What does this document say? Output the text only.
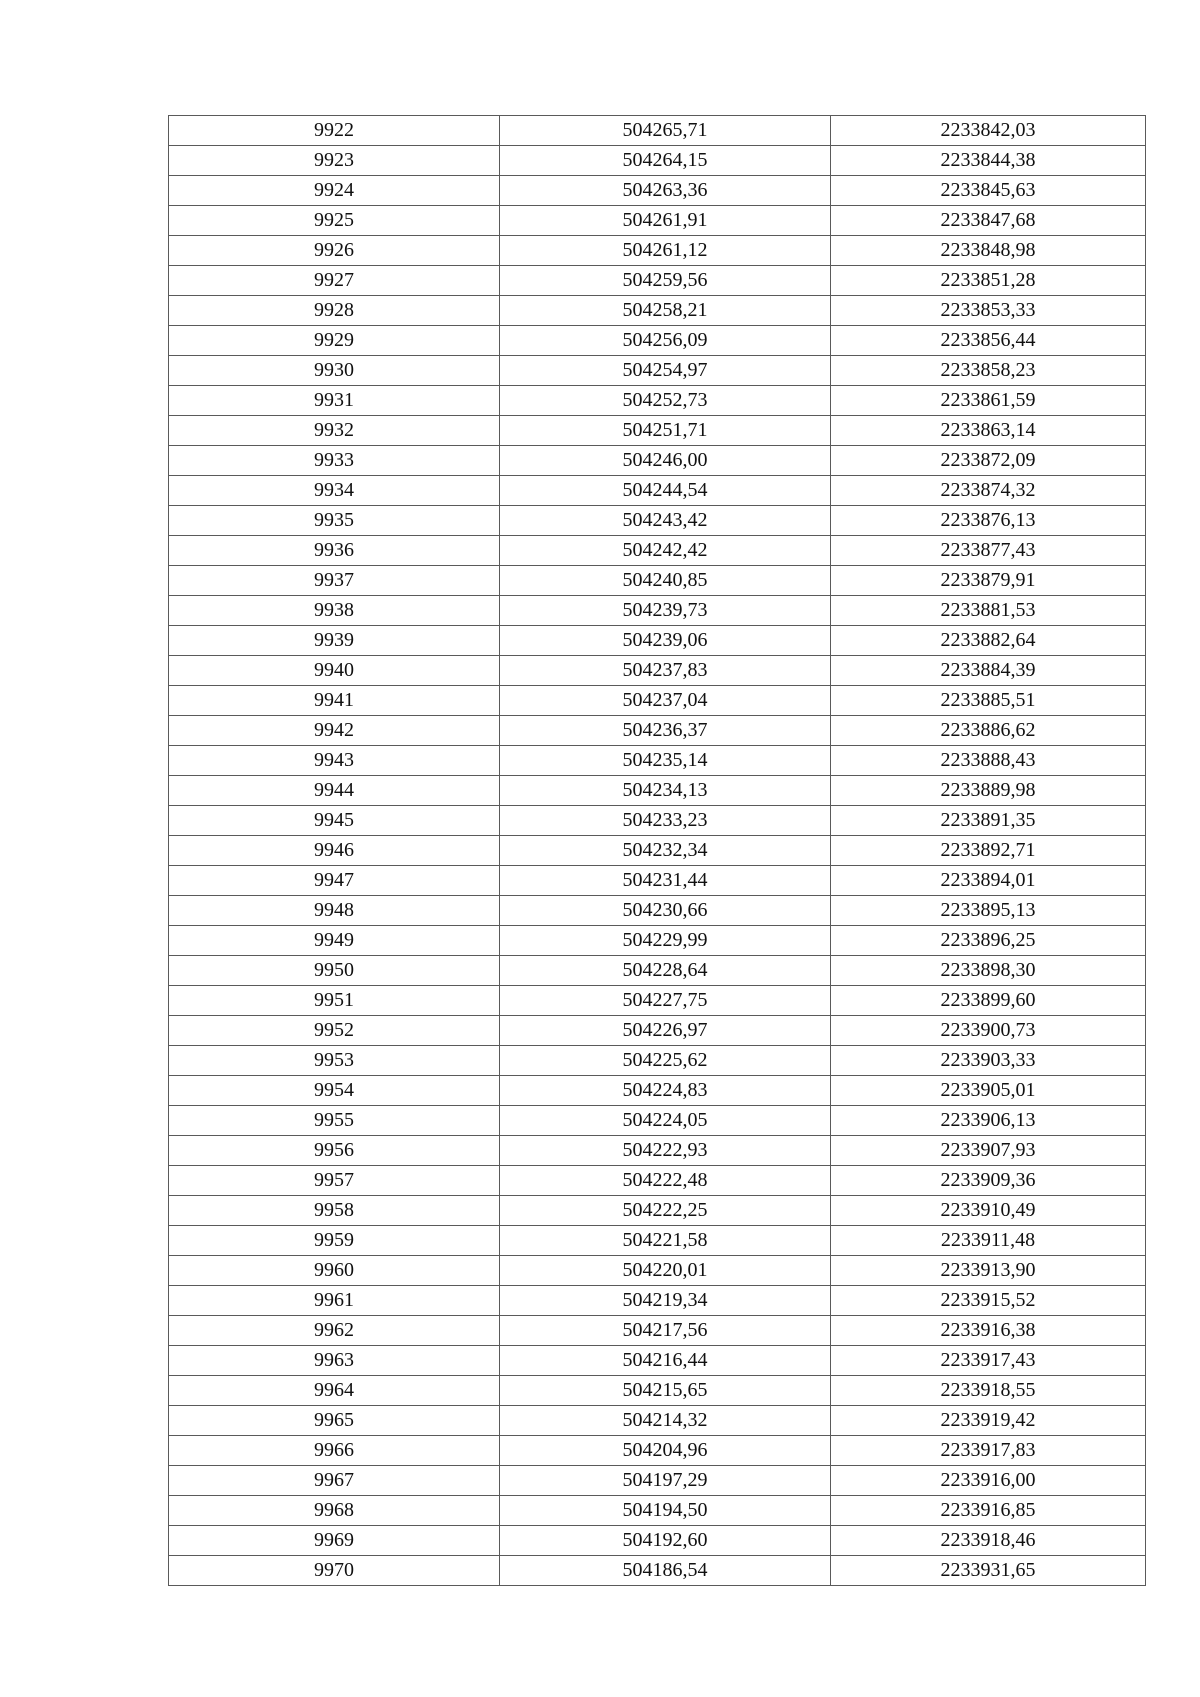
9922	504265,71	2233842,03
9923	504264,15	2233844,38
9924	504263,36	2233845,63
9925	504261,91	2233847,68
9926	504261,12	2233848,98
9927	504259,56	2233851,28
9928	504258,21	2233853,33
9929	504256,09	2233856,44
9930	504254,97	2233858,23
9931	504252,73	2233861,59
9932	504251,71	2233863,14
9933	504246,00	2233872,09
9934	504244,54	2233874,32
9935	504243,42	2233876,13
9936	504242,42	2233877,43
9937	504240,85	2233879,91
9938	504239,73	2233881,53
9939	504239,06	2233882,64
9940	504237,83	2233884,39
9941	504237,04	2233885,51
9942	504236,37	2233886,62
9943	504235,14	2233888,43
9944	504234,13	2233889,98
9945	504233,23	2233891,35
9946	504232,34	2233892,71
9947	504231,44	2233894,01
9948	504230,66	2233895,13
9949	504229,99	2233896,25
9950	504228,64	2233898,30
9951	504227,75	2233899,60
9952	504226,97	2233900,73
9953	504225,62	2233903,33
9954	504224,83	2233905,01
9955	504224,05	2233906,13
9956	504222,93	2233907,93
9957	504222,48	2233909,36
9958	504222,25	2233910,49
9959	504221,58	2233911,48
9960	504220,01	2233913,90
9961	504219,34	2233915,52
9962	504217,56	2233916,38
9963	504216,44	2233917,43
9964	504215,65	2233918,55
9965	504214,32	2233919,42
9966	504204,96	2233917,83
9967	504197,29	2233916,00
9968	504194,50	2233916,85
9969	504192,60	2233918,46
9970	504186,54	2233931,65
